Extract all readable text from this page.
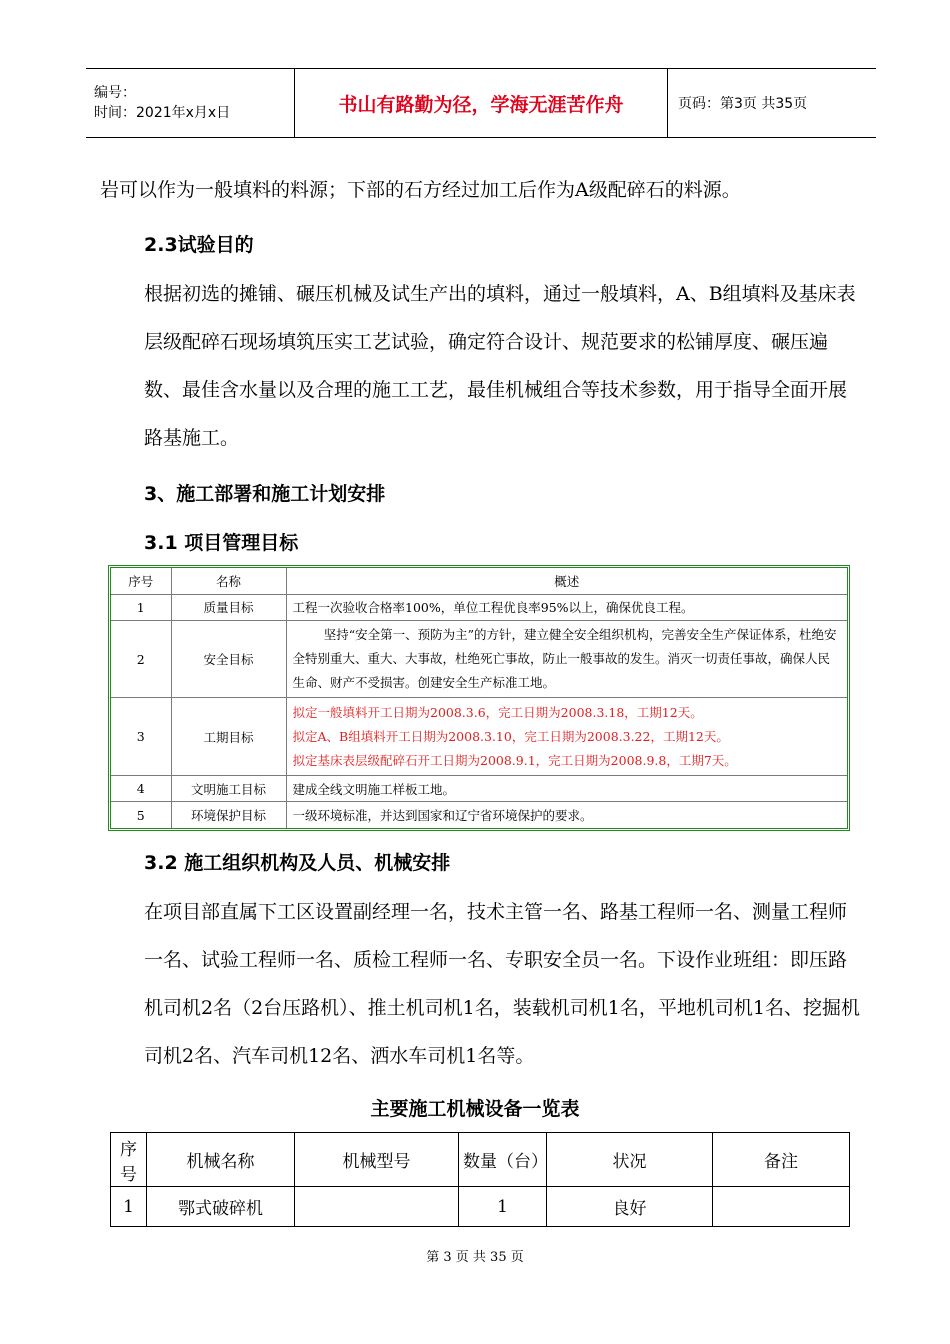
编号：
时间：2021年x月x日	书山有路勤为径，学海无涯苦作舟	页码：第3页 共35页
岩可以作为一般填料的料源；下部的石方经过加工后作为A级配碎石的料源。
2.3试验目的
根据初选的摊铺、碾压机械及试生产出的填料，通过一般填料，A、B组填料及基床表层级配碎石现场填筑压实工艺试验，确定符合设计、规范要求的松铺厚度、碾压遍数、最佳含水量以及合理的施工工艺，最佳机械组合等技术参数，用于指导全面开展路基施工。
3、施工部署和施工计划安排
3.1 项目管理目标
序号	名称	概述
1	质量目标	工程一次验收合格率100%，单位工程优良率95%以上，确保优良工程。
2	安全目标	坚持“安全第一、预防为主”的方针，建立健全安全组织机构，完善安全生产保证体系，杜绝安全特别重大、重大、大事故，杜绝死亡事故，防止一般事故的发生。消灭一切责任事故，确保人民生命、财产不受损害。创建安全生产标准工地。
3	工期目标	拟定一般填料开工日期为2008.3.6，完工日期为2008.3.18，工期12天。
拟定A、B组填料开工日期为2008.3.10，完工日期为2008.3.22，工期12天。
拟定基床表层级配碎石开工日期为2008.9.1，完工日期为2008.9.8，工期7天。

4	文明施工目标	建成全线文明施工样板工地。
5	环境保护目标	一级环境标准，并达到国家和辽宁省环境保护的要求。
3.2 施工组织机构及人员、机械安排
在项目部直属下工区设置副经理一名，技术主管一名、路基工程师一名、测量工程师一名、试验工程师一名、质检工程师一名、专职安全员一名。下设作业班组：即压路机司机2名（2台压路机）、推土机司机1名，装载机司机1名，平地机司机1名、挖掘机司机2名、汽车司机12名、洒水车司机1名等。
主要施工机械设备一览表
序号	机械名称	机械型号	数量（台）	状况	备注
1	鄂式破碎机		1	良好	
第 3 页 共 35 页
